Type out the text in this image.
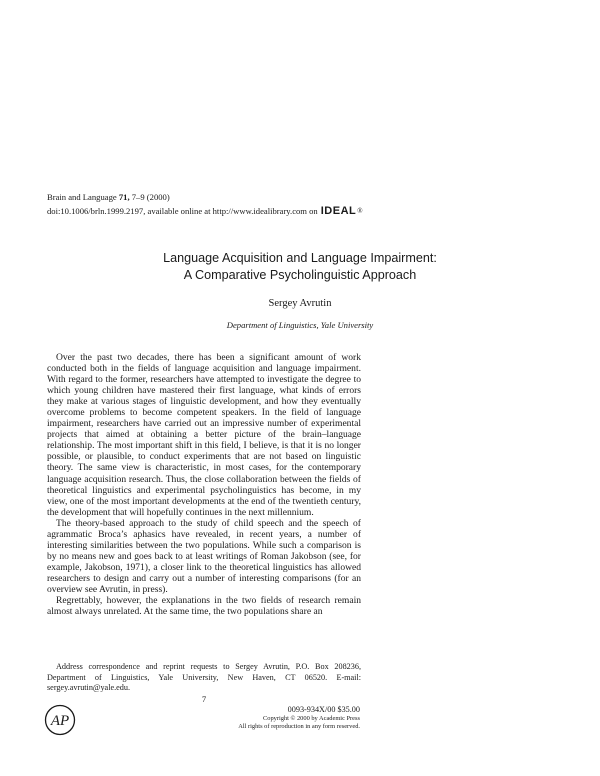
Brain and Language 71, 7–9 (2000)
doi:10.1006/brln.1999.2197, available online at http://www.idealibrary.com on IDEAL ®
Language Acquisition and Language Impairment:
A Comparative Psycholinguistic Approach
Sergey Avrutin
Department of Linguistics, Yale University

Over the past two decades, there has been a significant amount of work conducted both in the fields of language acquisition and language impairment. With regard to the former, researchers have attempted to investigate the degree to which young children have mastered their first language, what kinds of errors they make at various stages of linguistic development, and how they eventually overcome problems to become competent speakers. In the field of language impairment, researchers have carried out an impressive number of experimental projects that aimed at obtaining a better picture of the brain–language relationship. The most important shift in this field, I believe, is that it is no longer possible, or plausible, to conduct experiments that are not based on linguistic theory. The same view is characteristic, in most cases, for the contemporary language acquisition research. Thus, the close collaboration between the fields of theoretical linguistics and experimental psycholinguistics has become, in my view, one of the most important developments at the end of the twentieth century, the development that will hopefully continues in the next millennium.

The theory-based approach to the study of child speech and the speech of agrammatic Broca’s aphasics have revealed, in recent years, a number of interesting similarities between the two populations. While such a comparison is by no means new and goes back to at least writings of Roman Jakobson (see, for example, Jakobson, 1971), a closer link to the theoretical linguistics has allowed researchers to design and carry out a number of interesting comparisons (for an overview see Avrutin, in press).

Regrettably, however, the explanations in the two fields of research remain almost always unrelated. At the same time, the two populations share an

Address correspondence and reprint requests to Sergey Avrutin, P.O. Box 208236, Department of Linguistics, Yale University, New Haven, CT 06520. E-mail: sergey.avrutin@yale.edu.

7
AP
0093-934X/00 $35.00
Copyright © 2000 by Academic Press
All rights of reproduction in any form reserved.
